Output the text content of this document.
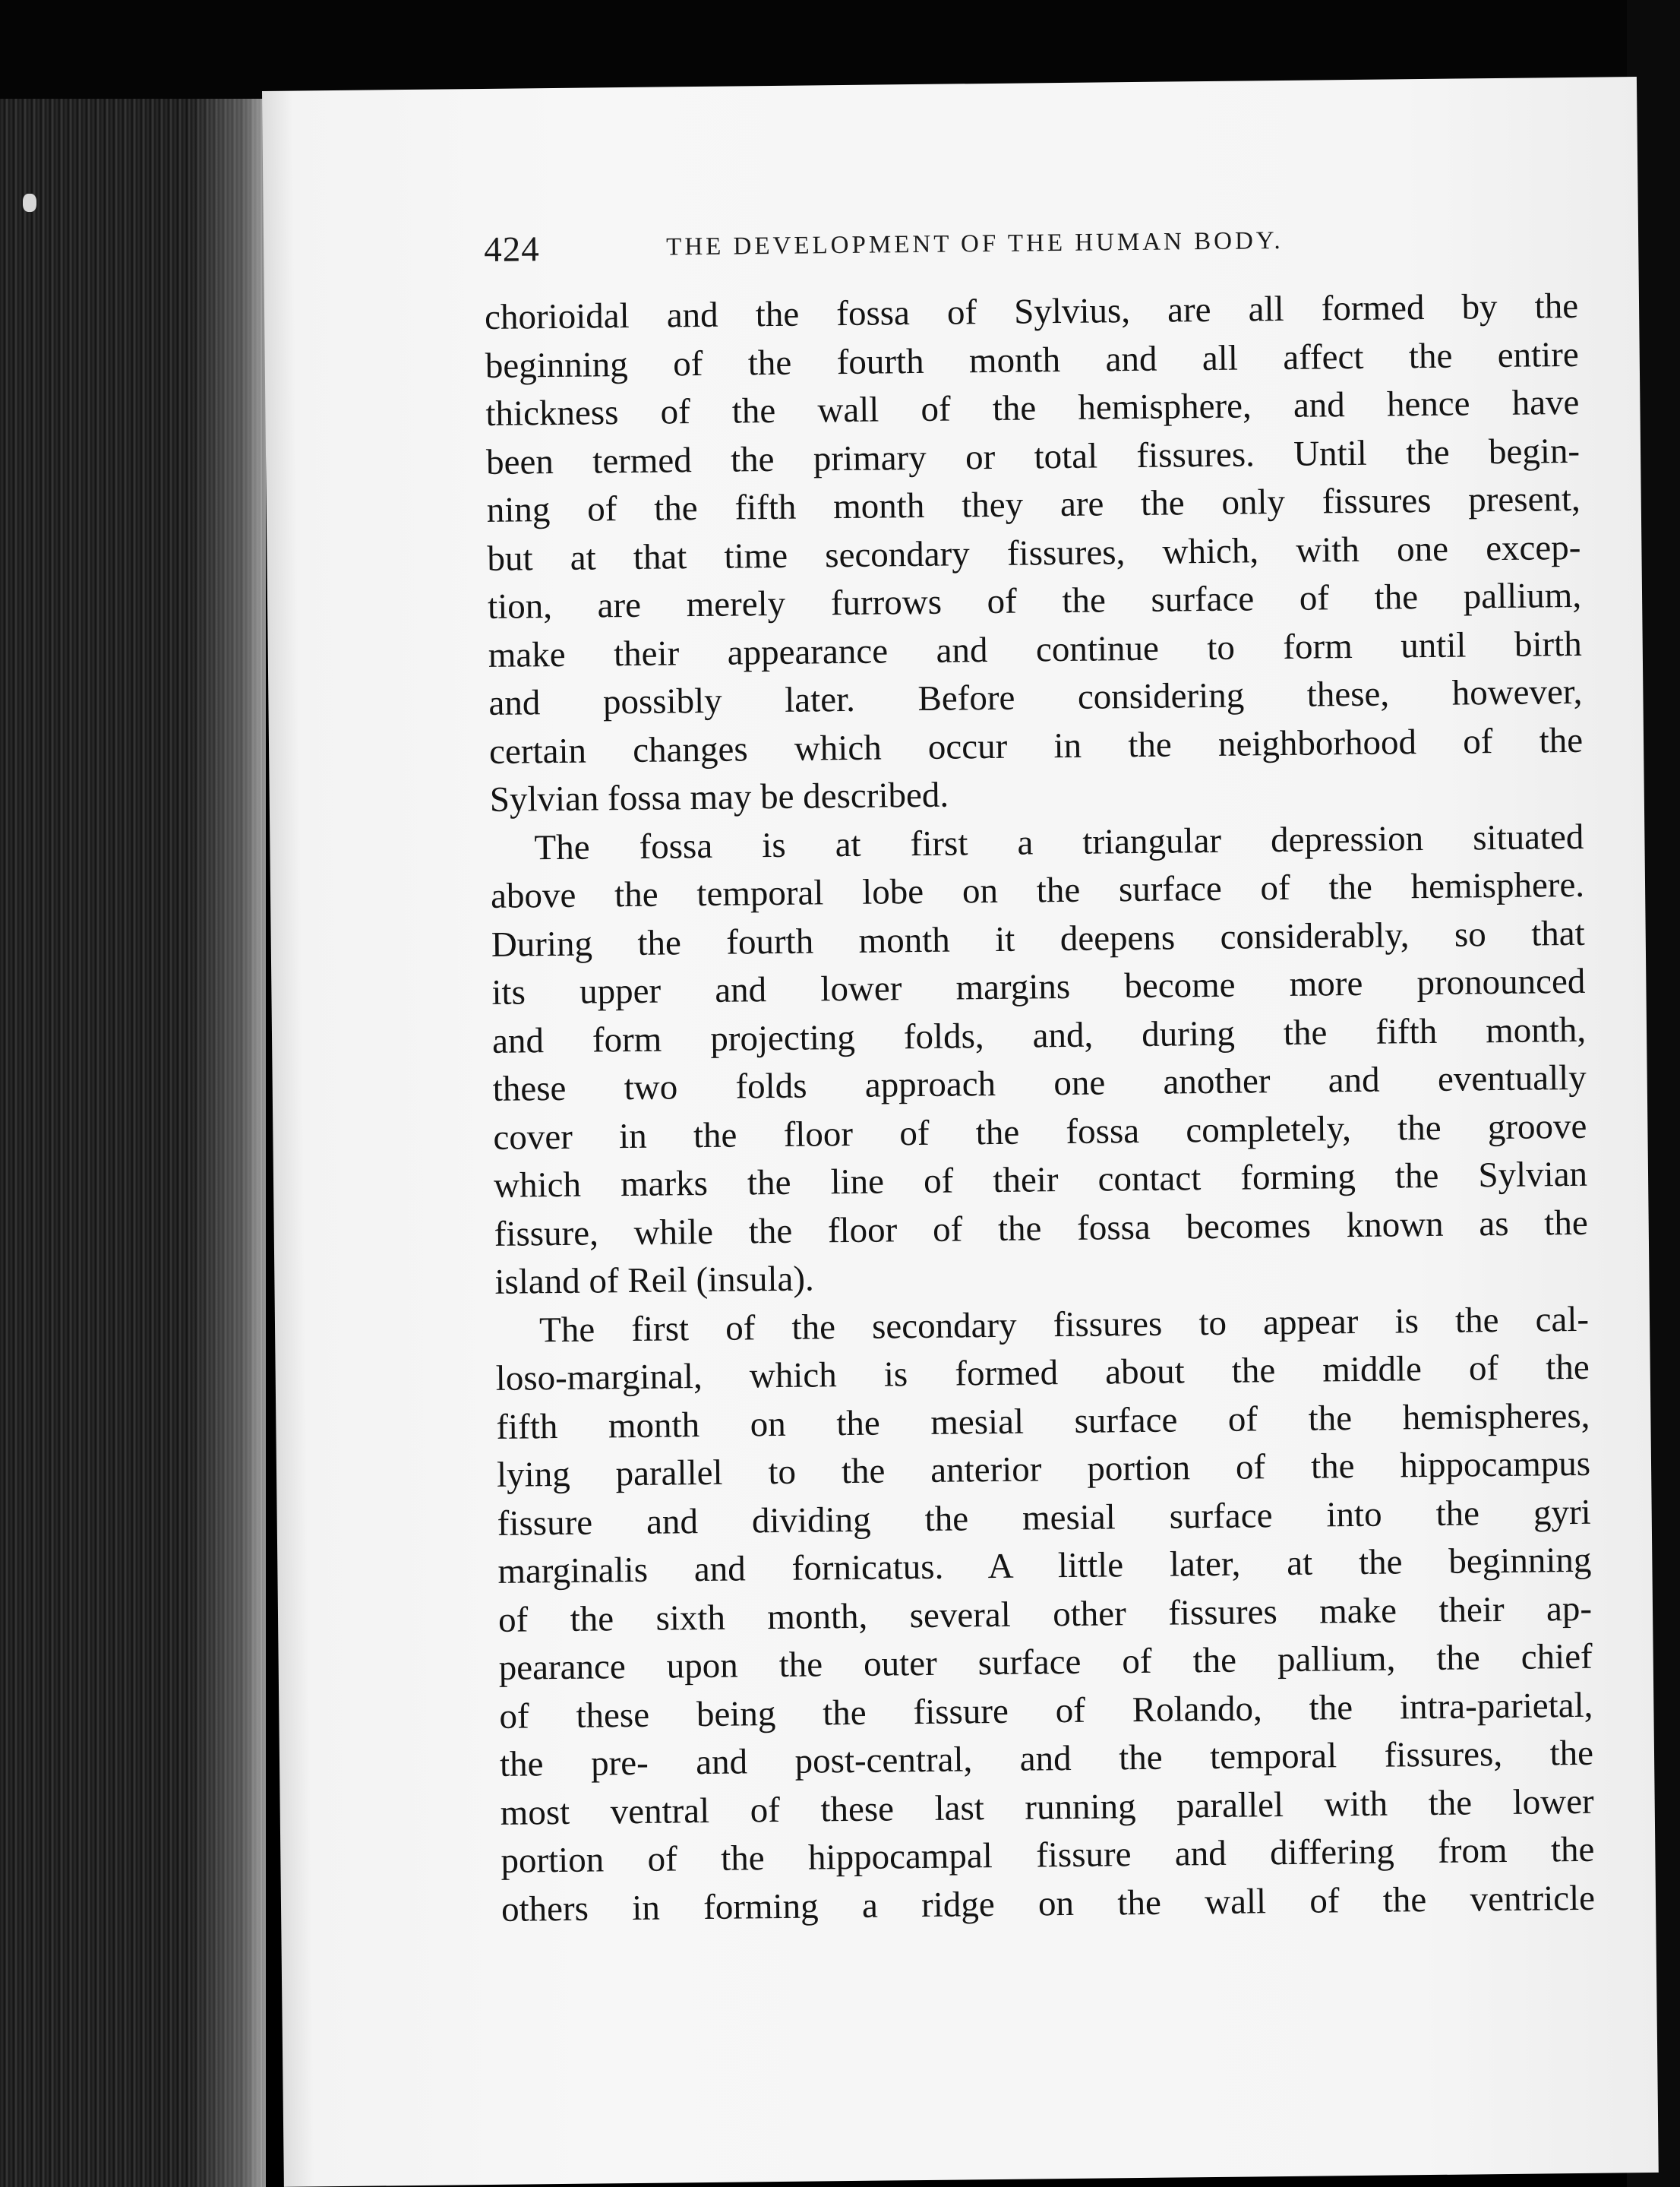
424	THE DEVELOPMENT OF THE HUMAN BODY.
chorioidal and the fossa of Sylvius, are all formed by the
beginning of the fourth month and all affect the entire
thickness of the wall of the hemisphere, and hence have
been termed the primary or total fissures. Until the begin-
ning of the fifth month they are the only fissures present,
but at that time secondary fissures, which, with one excep-
tion, are merely furrows of the surface of the pallium,
make their appearance and continue to form until birth
and possibly later. Before considering these, however,
certain changes which occur in the neighborhood of the
Sylvian fossa may be described.
The fossa is at first a triangular depression situated
above the temporal lobe on the surface of the hemisphere.
During the fourth month it deepens considerably, so that
its upper and lower margins become more pronounced
and form projecting folds, and, during the fifth month,
these two folds approach one another and eventually
cover in the floor of the fossa completely, the groove
which marks the line of their contact forming the Sylvian
fissure, while the floor of the fossa becomes known as the
island of Reil (insula).
The first of the secondary fissures to appear is the cal-
loso-marginal, which is formed about the middle of the
fifth month on the mesial surface of the hemispheres,
lying parallel to the anterior portion of the hippocampus
fissure and dividing the mesial surface into the gyri
marginalis and fornicatus. A little later, at the beginning
of the sixth month, several other fissures make their ap-
pearance upon the outer surface of the pallium, the chief
of these being the fissure of Rolando, the intra-parietal,
the pre- and post-central, and the temporal fissures, the
most ventral of these last running parallel with the lower
portion of the hippocampal fissure and differing from the
others in forming a ridge on the wall of the ventricle
